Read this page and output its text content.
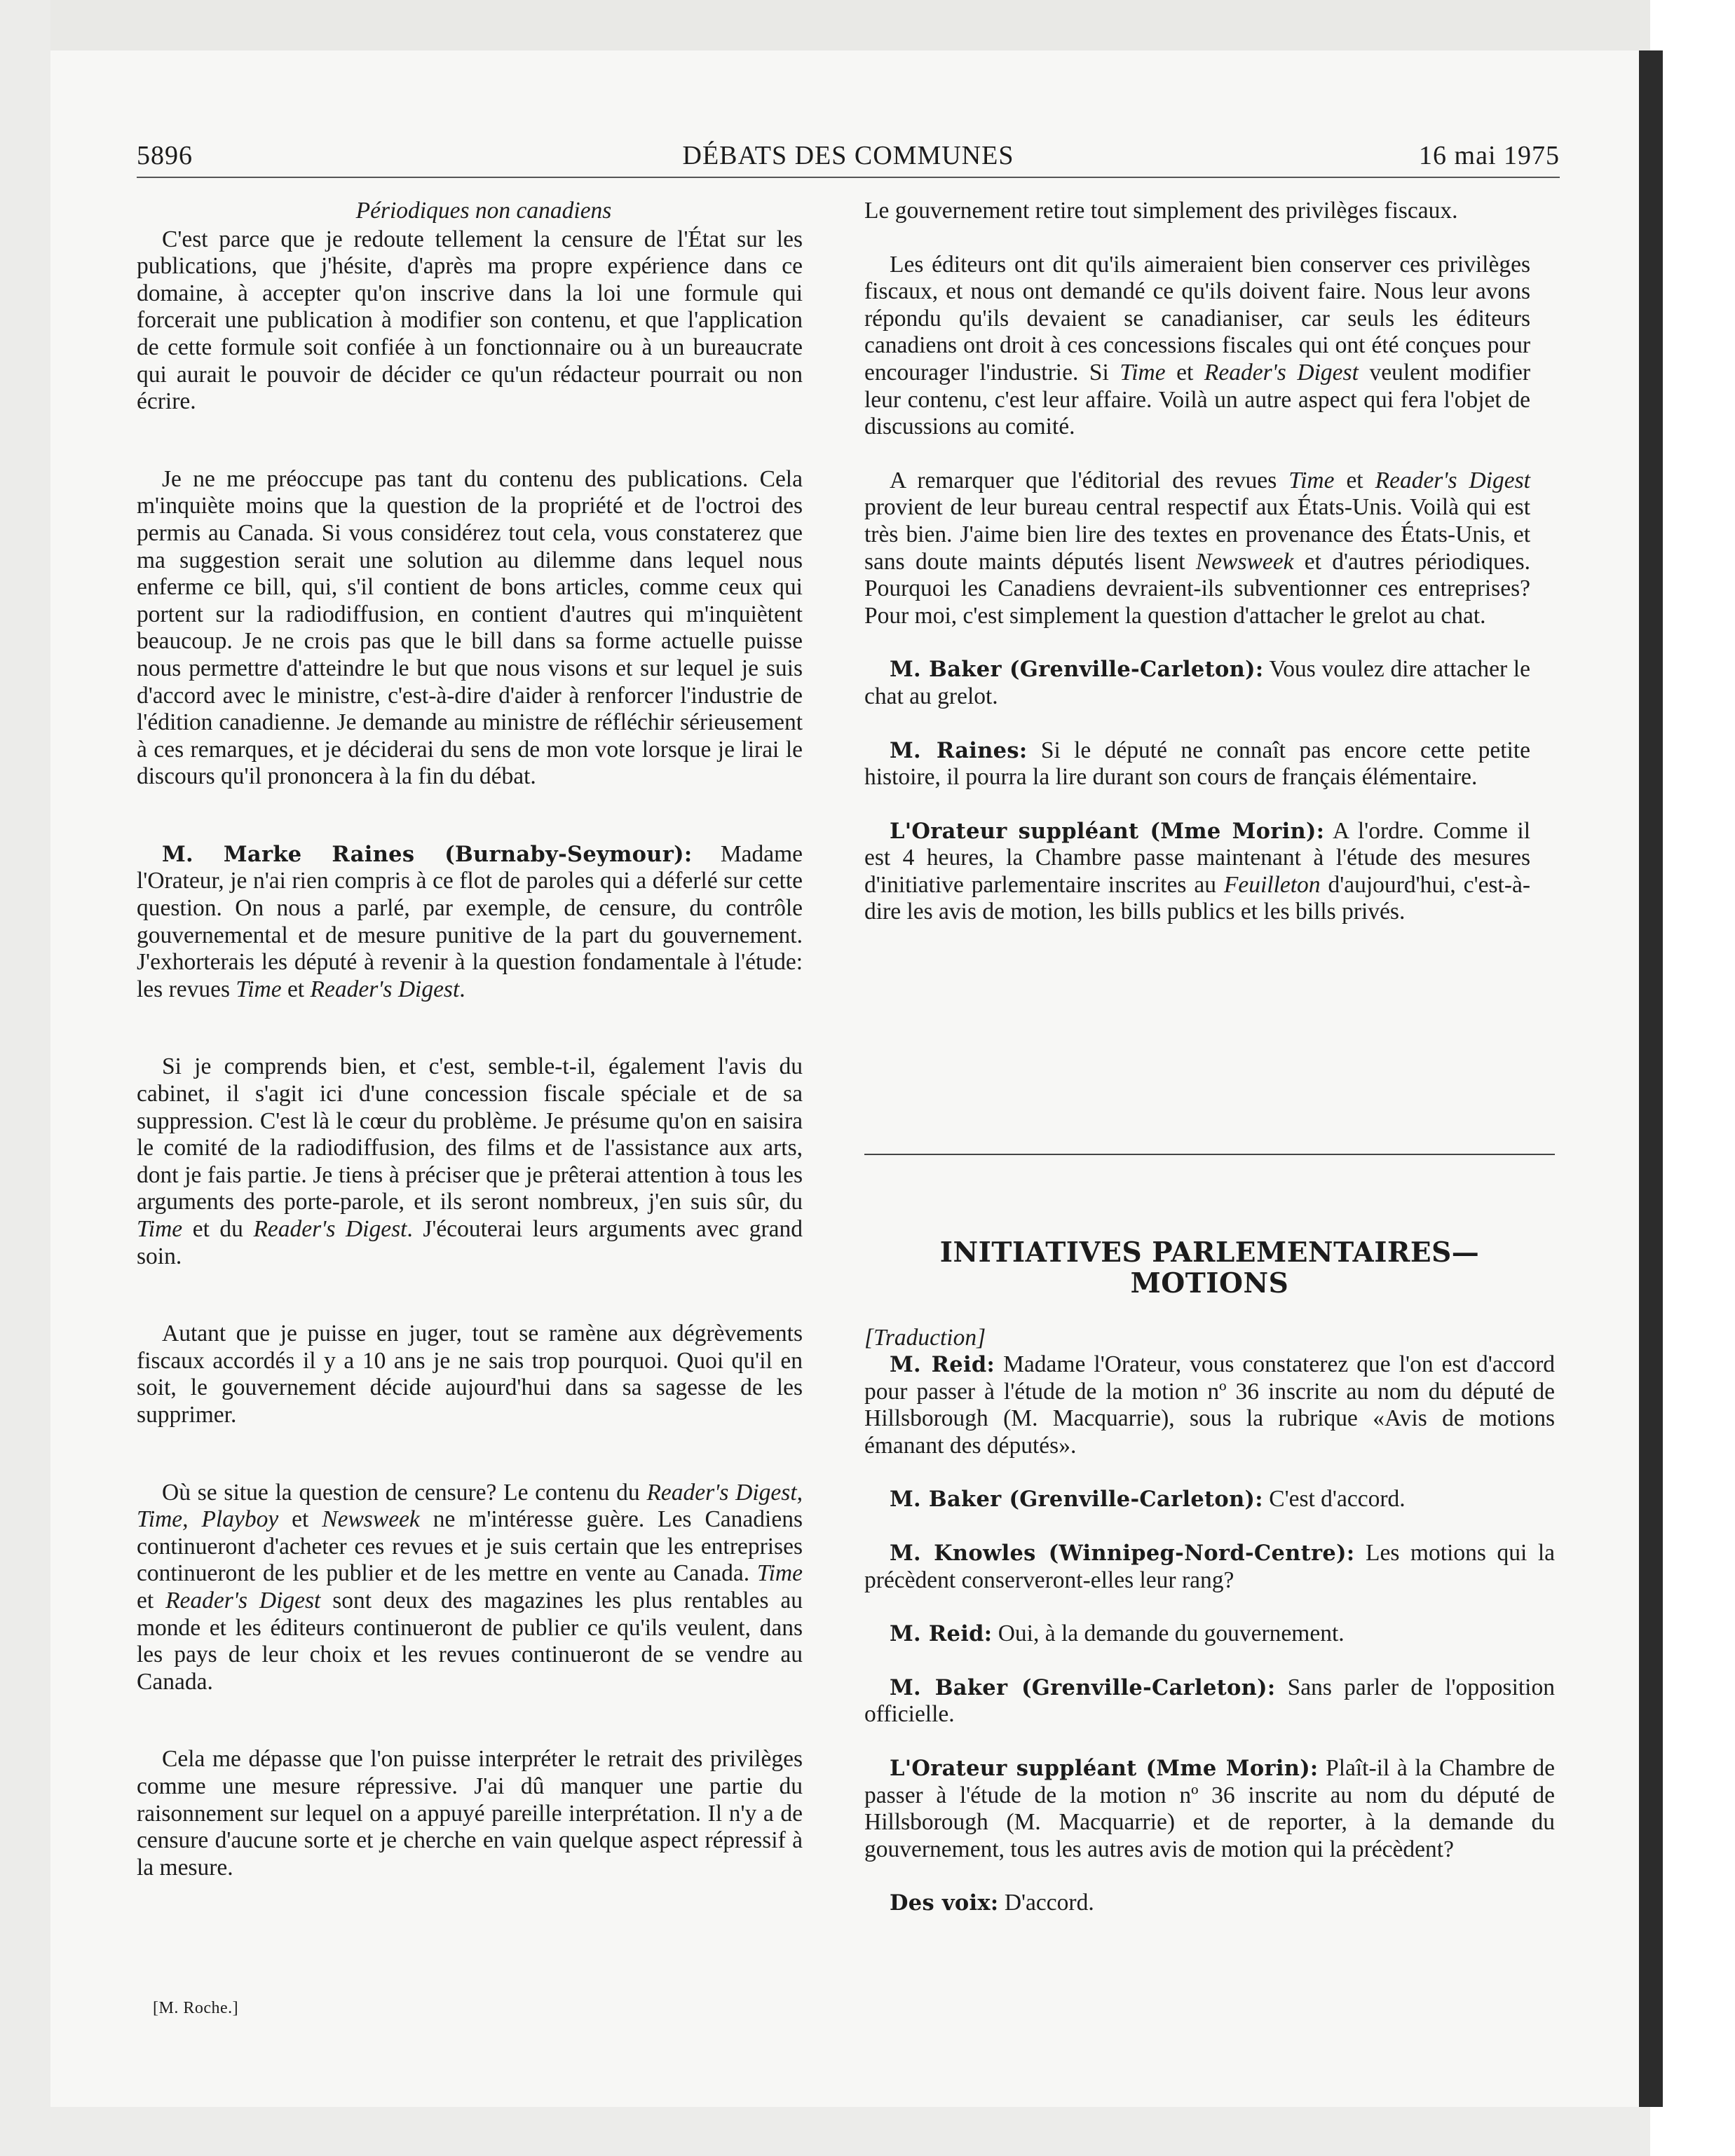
DÉBATS DES COMMUNES
5896	16 mai 1975
Périodiques non canadiens

C'est parce que je redoute tellement la censure de l'État sur les publications, que j'hésite, d'après ma propre expérience dans ce domaine, à accepter qu'on inscrive dans la loi une formule qui forcerait une publication à modifier son contenu, et que l'application de cette formule soit confiée à un fonctionnaire ou à un bureaucrate qui aurait le pouvoir de décider ce qu'un rédacteur pourrait ou non écrire.

Je ne me préoccupe pas tant du contenu des publications. Cela m'inquiète moins que la question de la propriété et de l'octroi des permis au Canada. Si vous considérez tout cela, vous constaterez que ma suggestion serait une solution au dilemme dans lequel nous enferme ce bill, qui, s'il contient de bons articles, comme ceux qui portent sur la radiodiffusion, en contient d'autres qui m'inquiètent beaucoup. Je ne crois pas que le bill dans sa forme actuelle puisse nous permettre d'atteindre le but que nous visons et sur lequel je suis d'accord avec le ministre, c'est-à-dire d'aider à renforcer l'industrie de l'édition canadienne. Je demande au ministre de réfléchir sérieusement à ces remarques, et je déciderai du sens de mon vote lorsque je lirai le discours qu'il prononcera à la fin du débat.

M. Marke Raines (Burnaby-Seymour): Madame l'Orateur, je n'ai rien compris à ce flot de paroles qui a déferlé sur cette question. On nous a parlé, par exemple, de censure, du contrôle gouvernemental et de mesure punitive de la part du gouvernement. J'exhorterais les député à revenir à la question fondamentale à l'étude: les revues Time et Reader's Digest.

Si je comprends bien, et c'est, semble-t-il, également l'avis du cabinet, il s'agit ici d'une concession fiscale spéciale et de sa suppression. C'est là le cœur du problème. Je présume qu'on en saisira le comité de la radiodiffusion, des films et de l'assistance aux arts, dont je fais partie. Je tiens à préciser que je prêterai attention à tous les arguments des porte-parole, et ils seront nombreux, j'en suis sûr, du Time et du Reader's Digest. J'écouterai leurs arguments avec grand soin.

Autant que je puisse en juger, tout se ramène aux dégrèvements fiscaux accordés il y a 10 ans je ne sais trop pourquoi. Quoi qu'il en soit, le gouvernement décide aujourd'hui dans sa sagesse de les supprimer.

Où se situe la question de censure? Le contenu du Reader's Digest, Time, Playboy et Newsweek ne m'intéresse guère. Les Canadiens continueront d'acheter ces revues et je suis certain que les entreprises continueront de les publier et de les mettre en vente au Canada. Time et Reader's Digest sont deux des magazines les plus rentables au monde et les éditeurs continueront de publier ce qu'ils veulent, dans les pays de leur choix et les revues continueront de se vendre au Canada.

Cela me dépasse que l'on puisse interpréter le retrait des privilèges comme une mesure répressive. J'ai dû manquer une partie du raisonnement sur lequel on a appuyé pareille interprétation. Il n'y a de censure d'aucune sorte et je cherche en vain quelque aspect répressif à la mesure.

[M. Roche.]

Le gouvernement retire tout simplement des privilèges fiscaux.

Les éditeurs ont dit qu'ils aimeraient bien conserver ces privilèges fiscaux, et nous ont demandé ce qu'ils doivent faire. Nous leur avons répondu qu'ils devaient se canadianiser, car seuls les éditeurs canadiens ont droit à ces concessions fiscales qui ont été conçues pour encourager l'industrie. Si Time et Reader's Digest veulent modifier leur contenu, c'est leur affaire. Voilà un autre aspect qui fera l'objet de discussions au comité.

A remarquer que l'éditorial des revues Time et Reader's Digest provient de leur bureau central respectif aux États-Unis. Voilà qui est très bien. J'aime bien lire des textes en provenance des États-Unis, et sans doute maints députés lisent Newsweek et d'autres périodiques. Pourquoi les Canadiens devraient-ils subventionner ces entreprises? Pour moi, c'est simplement la question d'attacher le grelot au chat.

M. Baker (Grenville-Carleton): Vous voulez dire attacher le chat au grelot.

M. Raines: Si le député ne connaît pas encore cette petite histoire, il pourra la lire durant son cours de français élémentaire.

L'Orateur suppléant (Mme Morin): A l'ordre. Comme il est 4 heures, la Chambre passe maintenant à l'étude des mesures d'initiative parlementaire inscrites au Feuilleton d'aujourd'hui, c'est-à-dire les avis de motion, les bills publics et les bills privés.

INITIATIVES PARLEMENTAIRES—
MOTIONS
[Traduction]

M. Reid: Madame l'Orateur, vous constaterez que l'on est d'accord pour passer à l'étude de la motion nº 36 inscrite au nom du député de Hillsborough (M. Macquarrie), sous la rubrique «Avis de motions émanant des députés».

M. Baker (Grenville-Carleton): C'est d'accord.

M. Knowles (Winnipeg-Nord-Centre): Les motions qui la précèdent conserveront-elles leur rang?

M. Reid: Oui, à la demande du gouvernement.

M. Baker (Grenville-Carleton): Sans parler de l'opposition officielle.

L'Orateur suppléant (Mme Morin): Plaît-il à la Chambre de passer à l'étude de la motion nº 36 inscrite au nom du député de Hillsborough (M. Macquarrie) et de reporter, à la demande du gouvernement, tous les autres avis de motion qui la précèdent?

Des voix: D'accord.
